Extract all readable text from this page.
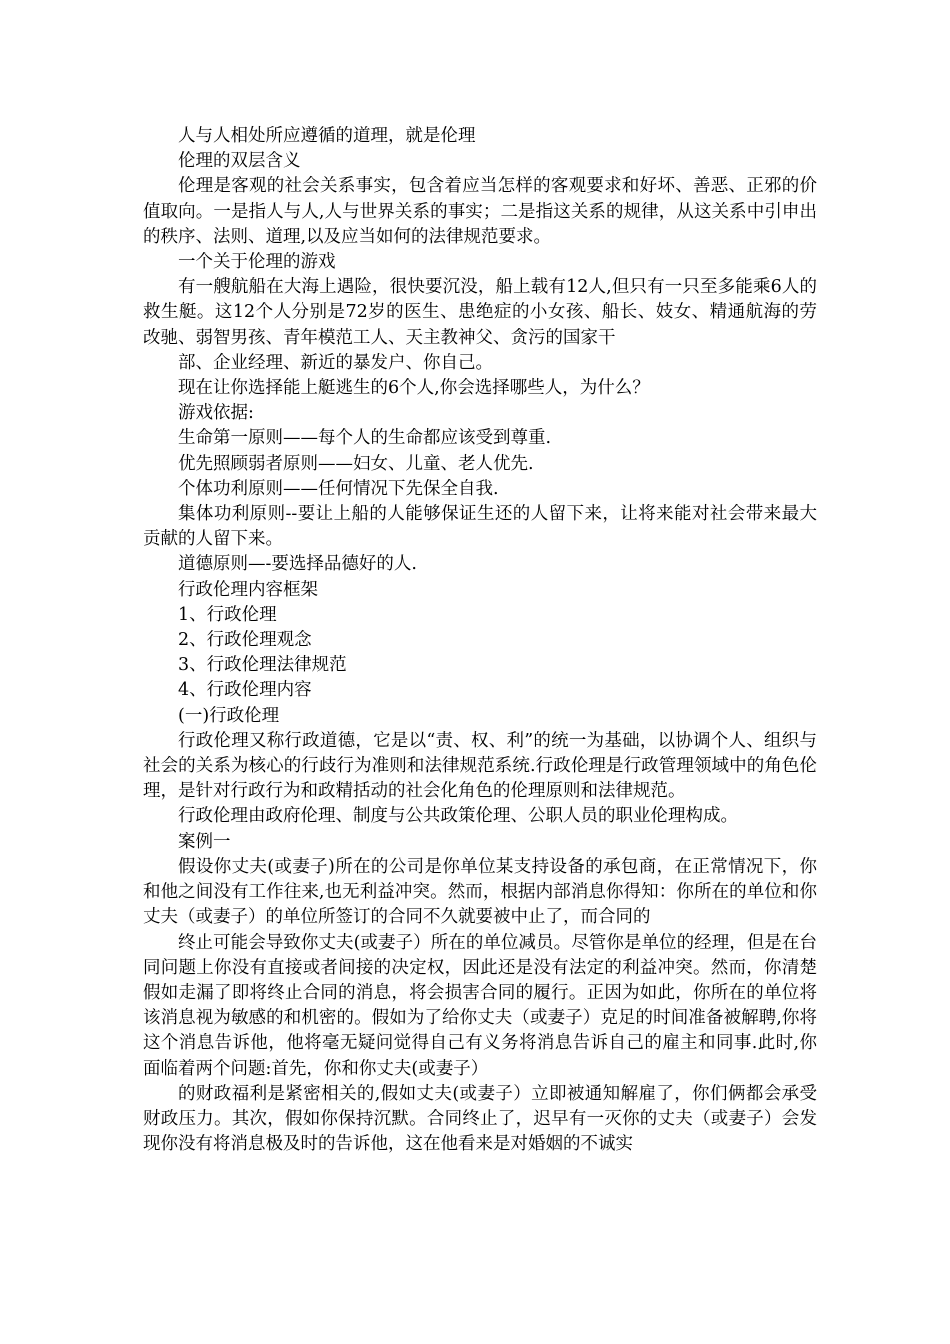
人与人相处所应遵循的道理，就是伦理

伦理的双层含义

伦理是客观的社会关系事实，包含着应当怎样的客观要求和好坏、善恶、正邪的价值取向。一是指人与人,人与世界关系的事实；二是指这关系的规律，从这关系中引申出的秩序、法则、道理,以及应当如何的法律规范要求。

一个关于伦理的游戏

有一艘航船在大海上遇险，很快要沉没，船上载有12人,但只有一只至多能乘6人的救生艇。这12个人分别是72岁的医生、患绝症的小女孩、船长、妓女、精通航海的劳改驰、弱智男孩、青年模范工人、天主教神父、贪污的国家干

部、企业经理、新近的暴发户、你自己。

现在让你选择能上艇逃生的6个人,你会选择哪些人，为什么？

游戏依据:

生命第一原则——每个人的生命都应该受到尊重.

优先照顾弱者原则——妇女、儿童、老人优先.

个体功利原则——任何情况下先保全自我.

集体功利原则--要让上船的人能够保证生还的人留下来，让将来能对社会带来最大贡献的人留下来。

道德原则—-要选择品德好的人.

行政伦理内容框架

1、行政伦理

2、行政伦理观念

3、行政伦理法律规范

4、行政伦理内容

(一)行政伦理

行政伦理又称行政道德，它是以“责、权、利”的统一为基础，以协调个人、组织与社会的关系为核心的行歧行为准则和法律规范系统.行政伦理是行政管理领域中的角色伦理，是针对行政行为和政精括动的社会化角色的伦理原则和法律规范。

行政伦理由政府伦理、制度与公共政策伦理、公职人员的职业伦理构成。

案例一

假设你丈夫(或妻子)所在的公司是你单位某支持设备的承包商，在正常情况下，你和他之间没有工作往来,也无利益冲突。然而，根据内部消息你得知：你所在的单位和你丈夫（或妻子）的单位所签订的合同不久就要被中止了，而合同的

终止可能会导致你丈夫(或妻子）所在的单位减员。尽管你是单位的经理，但是在台同问题上你没有直接或者间接的决定权，因此还是没有法定的利益冲突。然而，你清楚假如走漏了即将终止合同的消息，将会损害合同的履行。正因为如此，你所在的单位将该消息视为敏感的和机密的。假如为了给你丈夫（或妻子）克足的时间准备被解聘,你将这个消息告诉他，他将毫无疑问觉得自己有义务将消息告诉自己的雇主和同事.此时,你面临着两个问题:首先，你和你丈夫(或妻子）

的财政福利是紧密相关的,假如丈夫(或妻子）立即被通知解雇了，你们俩都会承受财政压力。其次，假如你保持沉默。合同终止了，迟早有一灭你的丈夫（或妻子）会发现你没有将消息极及时的告诉他，这在他看来是对婚姻的不诚实
